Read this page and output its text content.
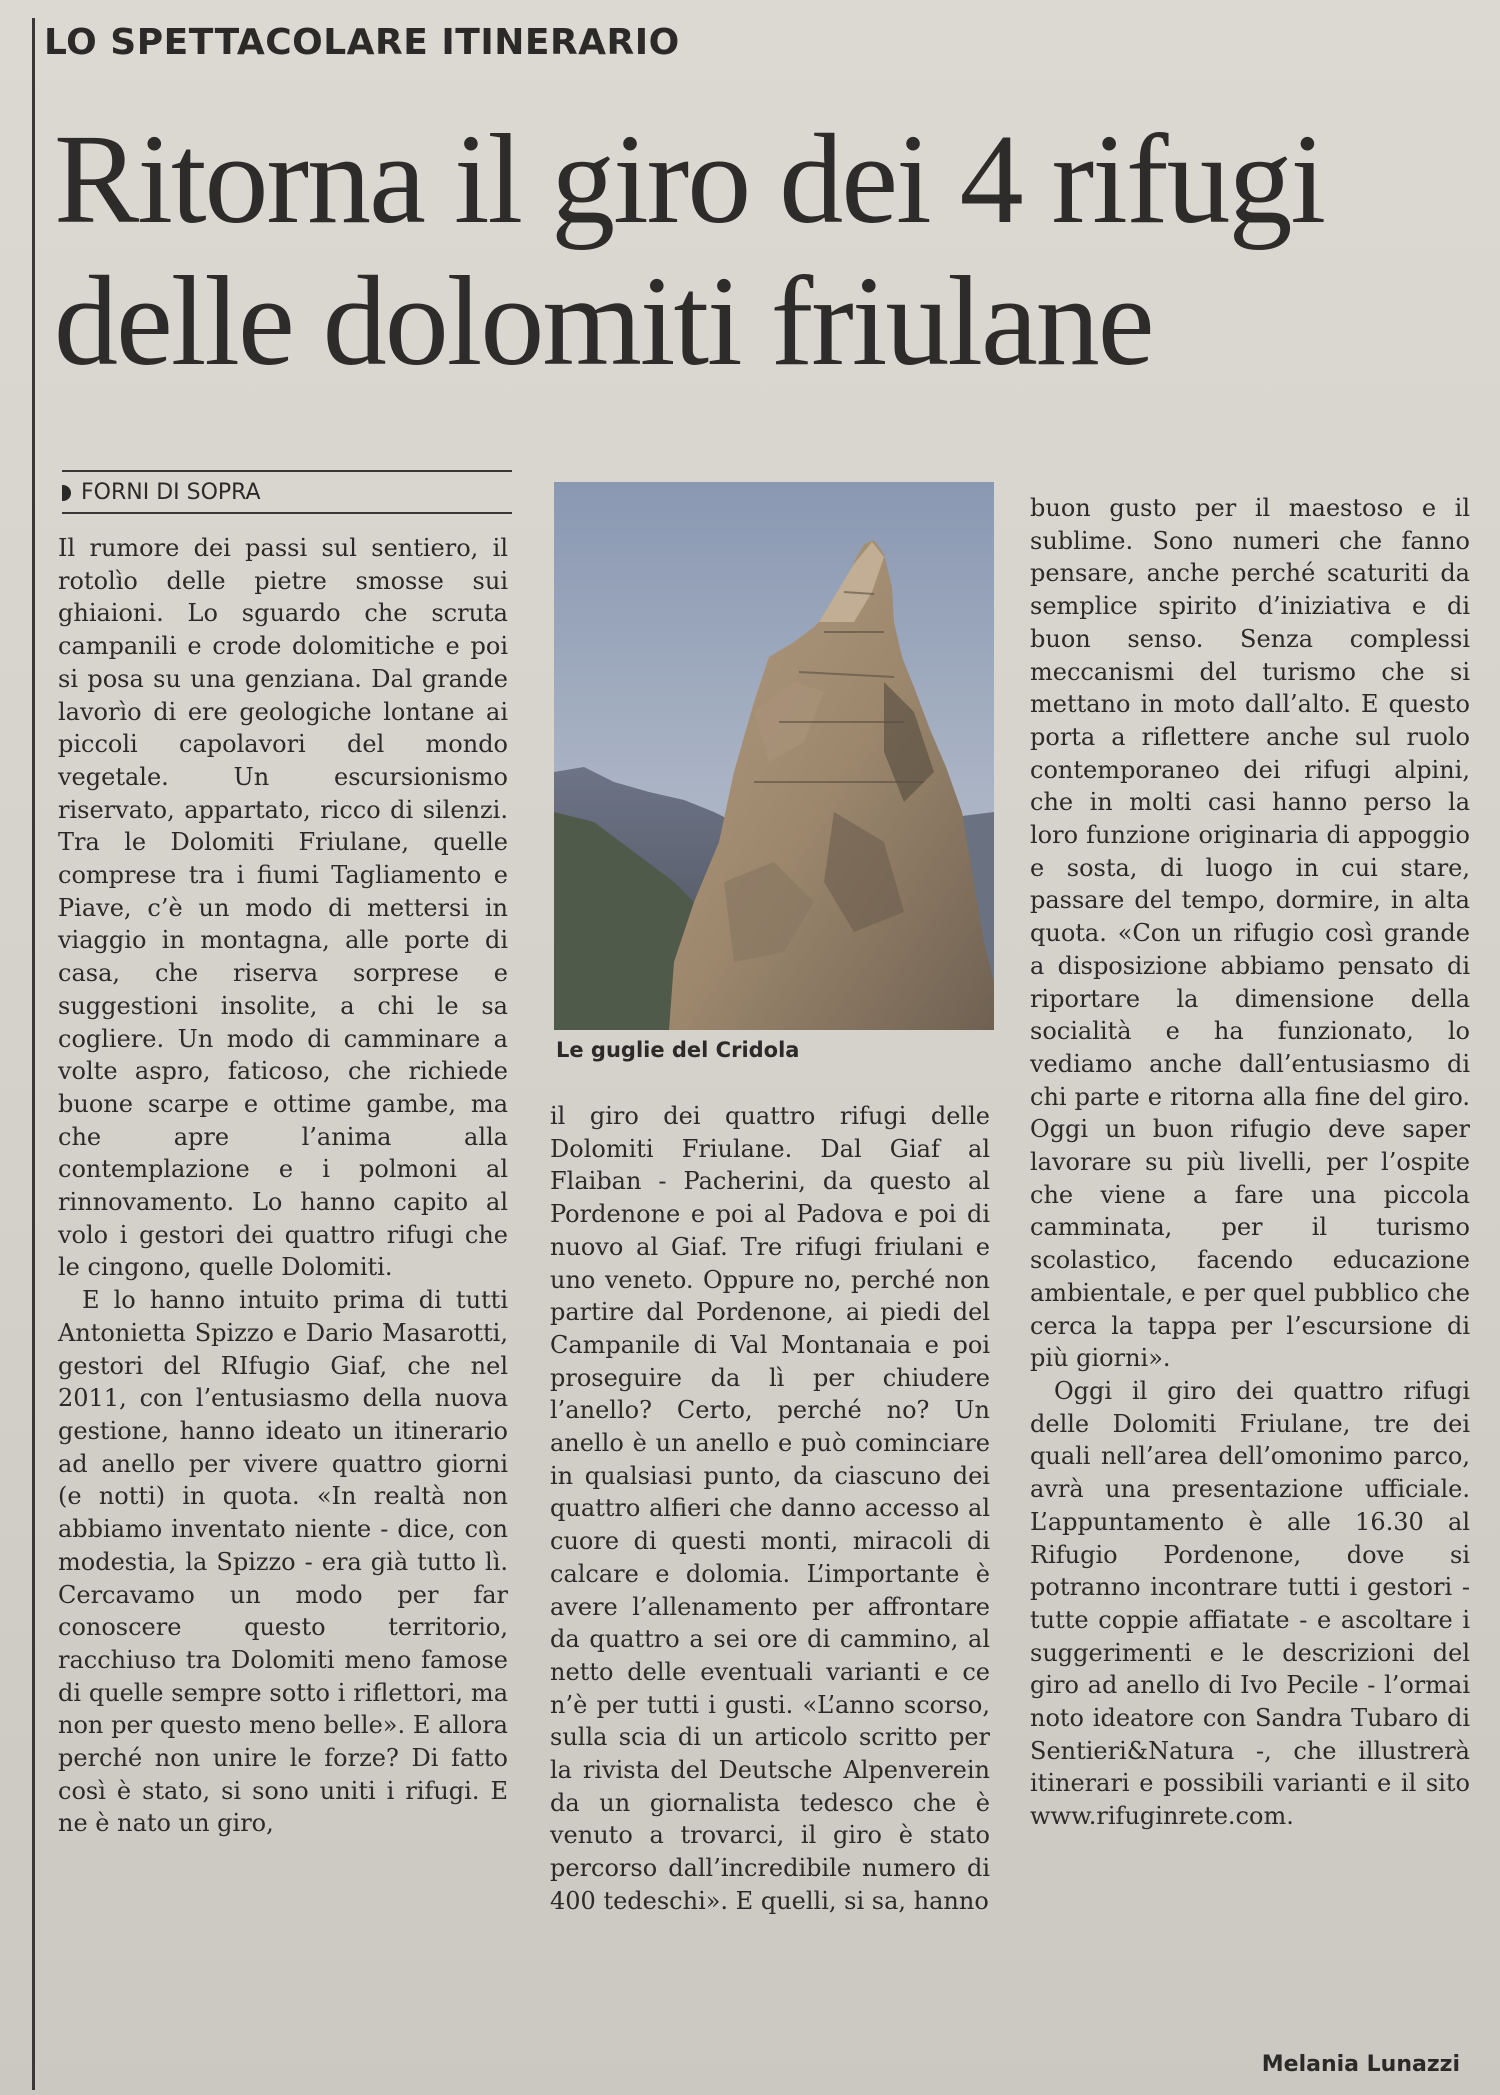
LO SPETTACOLARE ITINERARIO
Ritorna il giro dei 4 rifugi
delle dolomiti friulane
FORNI DI SOPRA

Il rumore dei passi sul sentiero, il rotolìo delle pietre smosse sui ghiaioni. Lo sguardo che scruta campanili e crode dolomitiche e poi si posa su una genziana. Dal grande lavorìo di ere geologiche lontane ai piccoli capolavori del mondo vegetale. Un escursionismo riservato, appartato, ricco di silenzi. Tra le Dolomiti Friulane, quelle comprese tra i fiumi Tagliamento e Piave, c’è un modo di mettersi in viaggio in montagna, alle porte di casa, che riserva sorprese e suggestioni insolite, a chi le sa cogliere. Un modo di camminare a volte aspro, faticoso, che richiede buone scarpe e ottime gambe, ma che apre l’anima alla contemplazione e i polmoni al rinnovamento. Lo hanno capito al volo i gestori dei quattro rifugi che le cingono, quelle Dolomiti.

E lo hanno intuito prima di tutti Antonietta Spizzo e Dario Masarotti, gestori del RIfugio Giaf, che nel 2011, con l’entusiasmo della nuova gestione, hanno ideato un itinerario ad anello per vivere quattro giorni (e notti) in quota. «In realtà non abbiamo inventato niente - dice, con modestia, la Spizzo - era già tutto lì. Cercavamo un modo per far conoscere questo territorio, racchiuso tra Dolomiti meno famose di quelle sempre sotto i riflettori, ma non per questo meno belle». E allora perché non unire le forze? Di fatto così è stato, si sono uniti i rifugi. E ne è nato un giro,

Le guglie del Cridola

il giro dei quattro rifugi delle Dolomiti Friulane. Dal Giaf al Flaiban - Pacherini, da questo al Pordenone e poi al Padova e poi di nuovo al Giaf. Tre rifugi friulani e uno veneto. Oppure no, perché non partire dal Pordenone, ai piedi del Campanile di Val Montanaia e poi proseguire da lì per chiudere l’anello? Certo, perché no? Un anello è un anello e può cominciare in qualsiasi punto, da ciascuno dei quattro alfieri che danno accesso al cuore di questi monti, miracoli di calcare e dolomia. L’importante è avere l’allenamento per affrontare da quattro a sei ore di cammino, al netto delle eventuali varianti e ce n’è per tutti i gusti. «L’anno scorso, sulla scia di un articolo scritto per la rivista del Deutsche Alpenverein da un giornalista tedesco che è venuto a trovarci, il giro è stato percorso dall’incredibile numero di 400 tedeschi». E quelli, si sa, hanno

buon gusto per il maestoso e il sublime. Sono numeri che fanno pensare, anche perché scaturiti da semplice spirito d’iniziativa e di buon senso. Senza complessi meccanismi del turismo che si mettano in moto dall’alto. E questo porta a riflettere anche sul ruolo contemporaneo dei rifugi alpini, che in molti casi hanno perso la loro funzione originaria di appoggio e sosta, di luogo in cui stare, passare del tempo, dormire, in alta quota. «Con un rifugio così grande a disposizione abbiamo pensato di riportare la dimensione della socialità e ha funzionato, lo vediamo anche dall’entusiasmo di chi parte e ritorna alla fine del giro. Oggi un buon rifugio deve saper lavorare su più livelli, per l’ospite che viene a fare una piccola camminata, per il turismo scolastico, facendo educazione ambientale, e per quel pubblico che cerca la tappa per l’escursione di più giorni».

Oggi il giro dei quattro rifugi delle Dolomiti Friulane, tre dei quali nell’area dell’omonimo parco, avrà una presentazione ufficiale. L’appuntamento è alle 16.30 al Rifugio Pordenone, dove si potranno incontrare tutti i gestori - tutte coppie affiatate - e ascoltare i suggerimenti e le descrizioni del giro ad anello di Ivo Pecile - l’ormai noto ideatore con Sandra Tubaro di Sentieri&Natura -, che illustrerà itinerari e possibili varianti e il sito www.rifuginrete.com.

Melania Lunazzi
